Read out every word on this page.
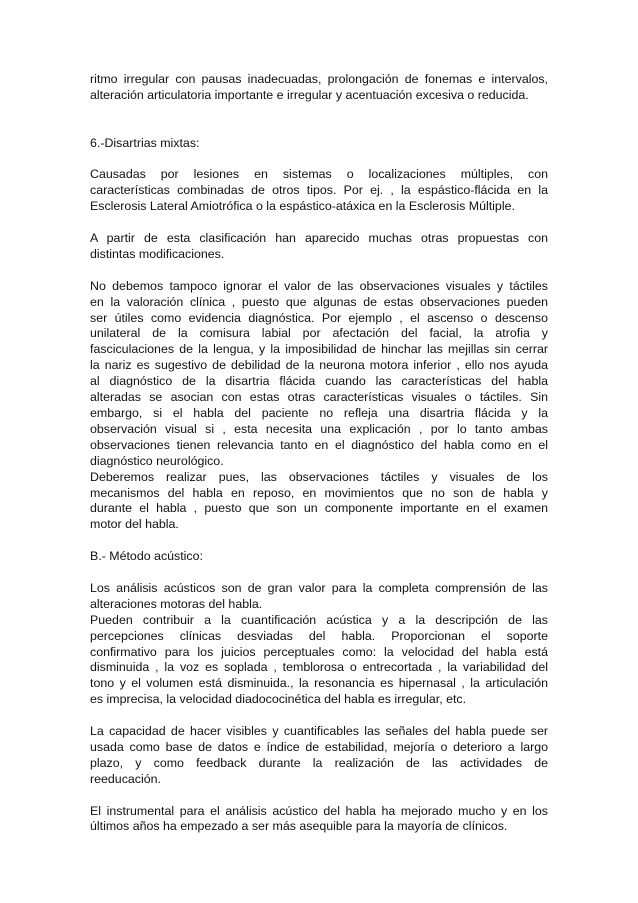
ritmo irregular con pausas inadecuadas, prolongación de fonemas e intervalos,
alteración articulatoria importante e irregular y acentuación excesiva o reducida.

6.-Disartrias mixtas:

Causadas por lesiones en sistemas o localizaciones múltiples, con
características combinadas de otros tipos. Por ej. , la espástico-flácida en la
Esclerosis Lateral Amiotrófica o la espástico-atáxica en la Esclerosis Múltiple.

A partir de esta clasificación han aparecido muchas otras propuestas con
distintas modificaciones.

No debemos tampoco ignorar el valor de las observaciones visuales y táctiles
en la valoración clínica , puesto que algunas de estas observaciones pueden
ser útiles como evidencia diagnóstica. Por ejemplo , el ascenso o descenso
unilateral de la comisura labial por afectación del facial, la atrofia y
fasciculaciones de la lengua, y la imposibilidad de hinchar las mejillas sin cerrar
la nariz es sugestivo de debilidad de la neurona motora inferior , ello nos ayuda
al diagnóstico de la disartria flácida cuando las características del habla
alteradas se asocian con estas otras características visuales o táctiles. Sin
embargo, si el habla del paciente no refleja una disartria flácida y la
observación visual si , esta necesita una explicación , por lo tanto ambas
observaciones tienen relevancia tanto en el diagnóstico del habla como en el
diagnóstico neurológico.

Deberemos realizar pues, las observaciones táctiles y visuales de los
mecanismos del habla en reposo, en movimientos que no son de habla y
durante el habla , puesto que son un componente importante en el examen
motor del habla.

B.- Método acústico:

Los análisis acústicos son de gran valor para la completa comprensión de las
alteraciones motoras del habla.

Pueden contribuir a la cuantificación acústica y a la descripción de las
percepciones clínicas desviadas del habla. Proporcionan el soporte
confirmativo para los juicios perceptuales como: la velocidad del habla está
disminuida , la voz es soplada , temblorosa o entrecortada , la variabilidad del
tono y el volumen está disminuida., la resonancia es hipernasal , la articulación
es imprecisa, la velocidad diadococinética del habla es irregular, etc.

La capacidad de hacer visibles y cuantificables las señales del habla puede ser
usada como base de datos e índice de estabilidad, mejoría o deterioro a largo
plazo, y como feedback durante la realización de las actividades de
reeducación.

El instrumental para el análisis acústico del habla ha mejorado mucho y en los
últimos años ha empezado a ser más asequible para la mayoría de clínicos.
